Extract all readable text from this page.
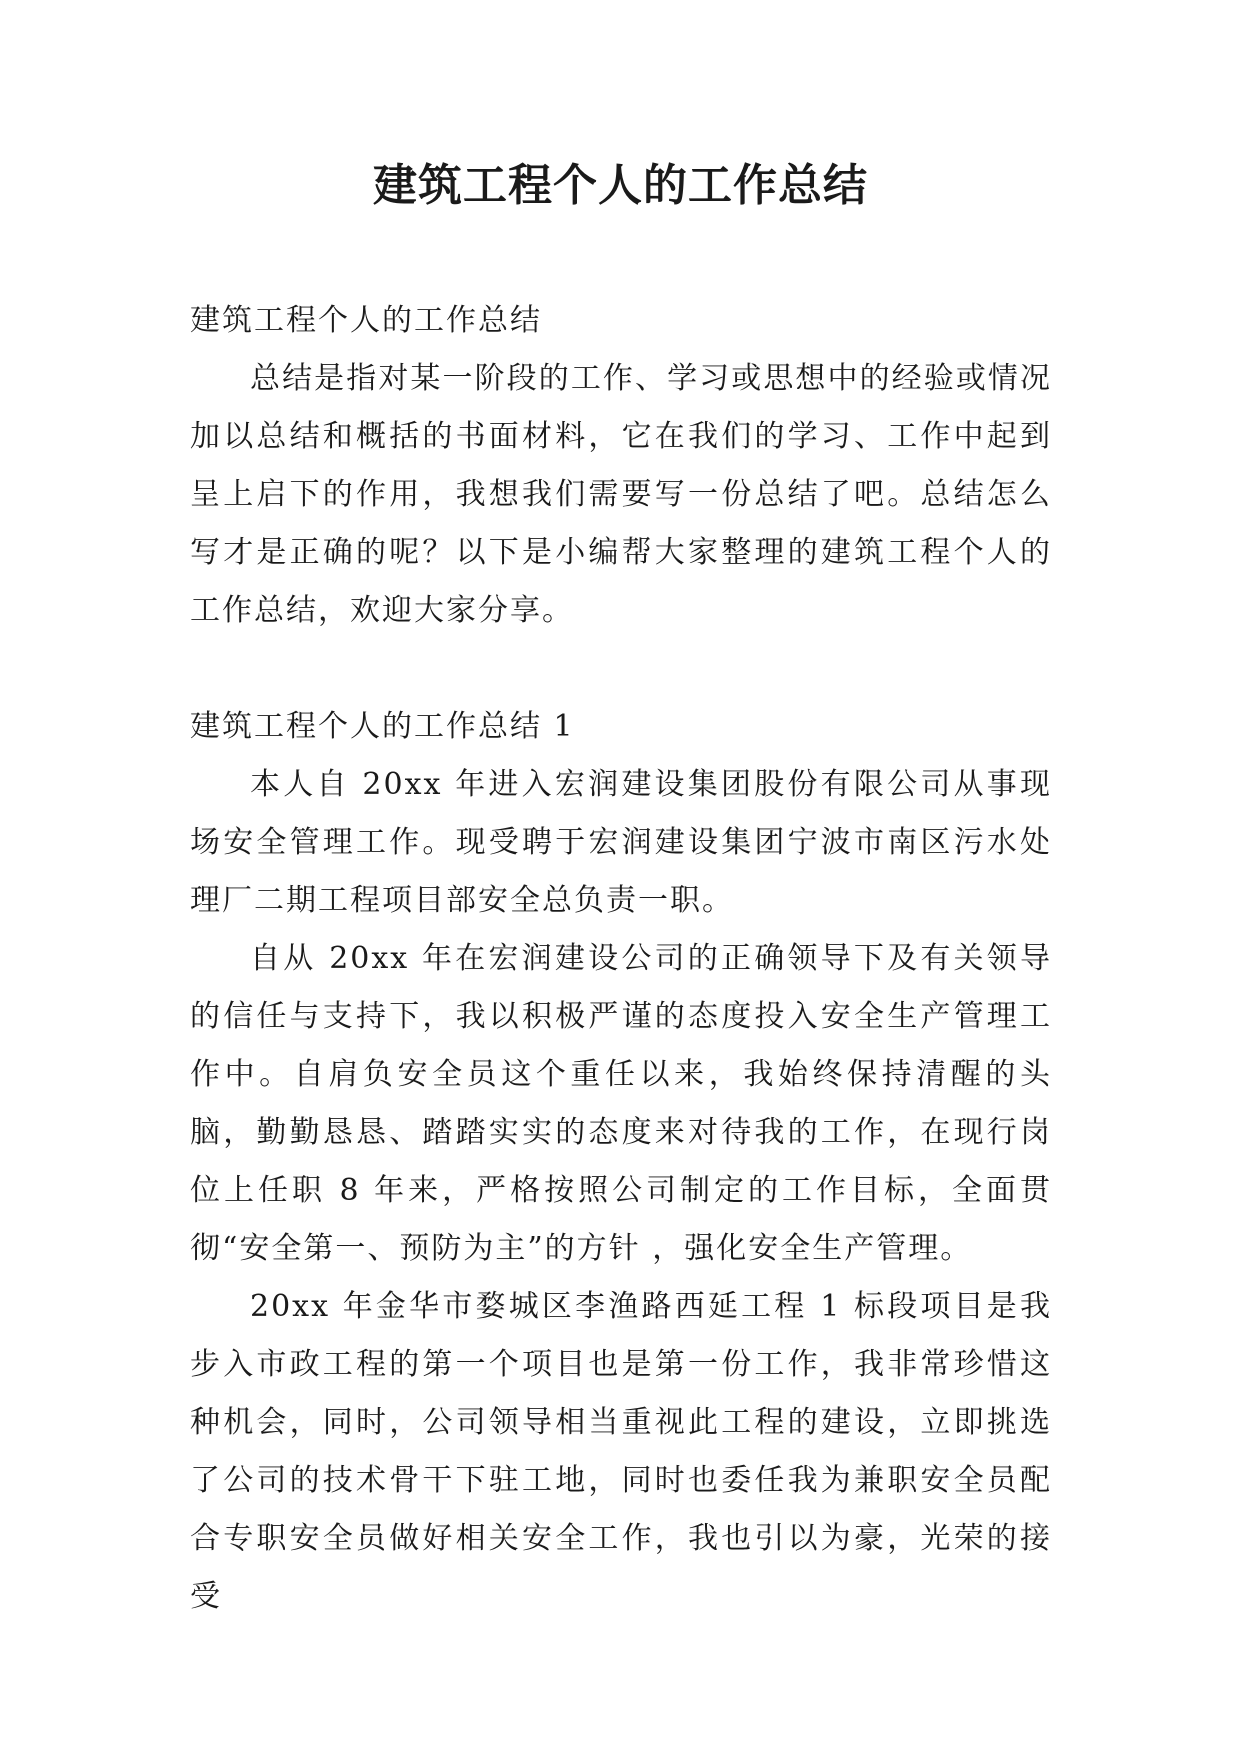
建筑工程个人的工作总结

建筑工程个人的工作总结

总结是指对某一阶段的工作、学习或思想中的经验或情况加以总结和概括的书面材料，它在我们的学习、工作中起到呈上启下的作用，我想我们需要写一份总结了吧。总结怎么写才是正确的呢？以下是小编帮大家整理的建筑工程个人的工作总结，欢迎大家分享。

建筑工程个人的工作总结 1

本人自 20xx 年进入宏润建设集团股份有限公司从事现场安全管理工作。现受聘于宏润建设集团宁波市南区污水处理厂二期工程项目部安全总负责一职。

自从 20xx 年在宏润建设公司的正确领导下及有关领导的信任与支持下，我以积极严谨的态度投入安全生产管理工作中。自肩负安全员这个重任以来，我始终保持清醒的头脑，勤勤恳恳、踏踏实实的态度来对待我的工作，在现行岗位上任职 8 年来，严格按照公司制定的工作目标，全面贯彻“安全第一、预防为主”的方针 ，强化安全生产管理。

20xx 年金华市婺城区李渔路西延工程 1 标段项目是我步入市政工程的第一个项目也是第一份工作，我非常珍惜这种机会，同时，公司领导相当重视此工程的建设，立即挑选了公司的技术骨干下驻工地，同时也委任我为兼职安全员配合专职安全员做好相关安全工作，我也引以为豪，光荣的接受
